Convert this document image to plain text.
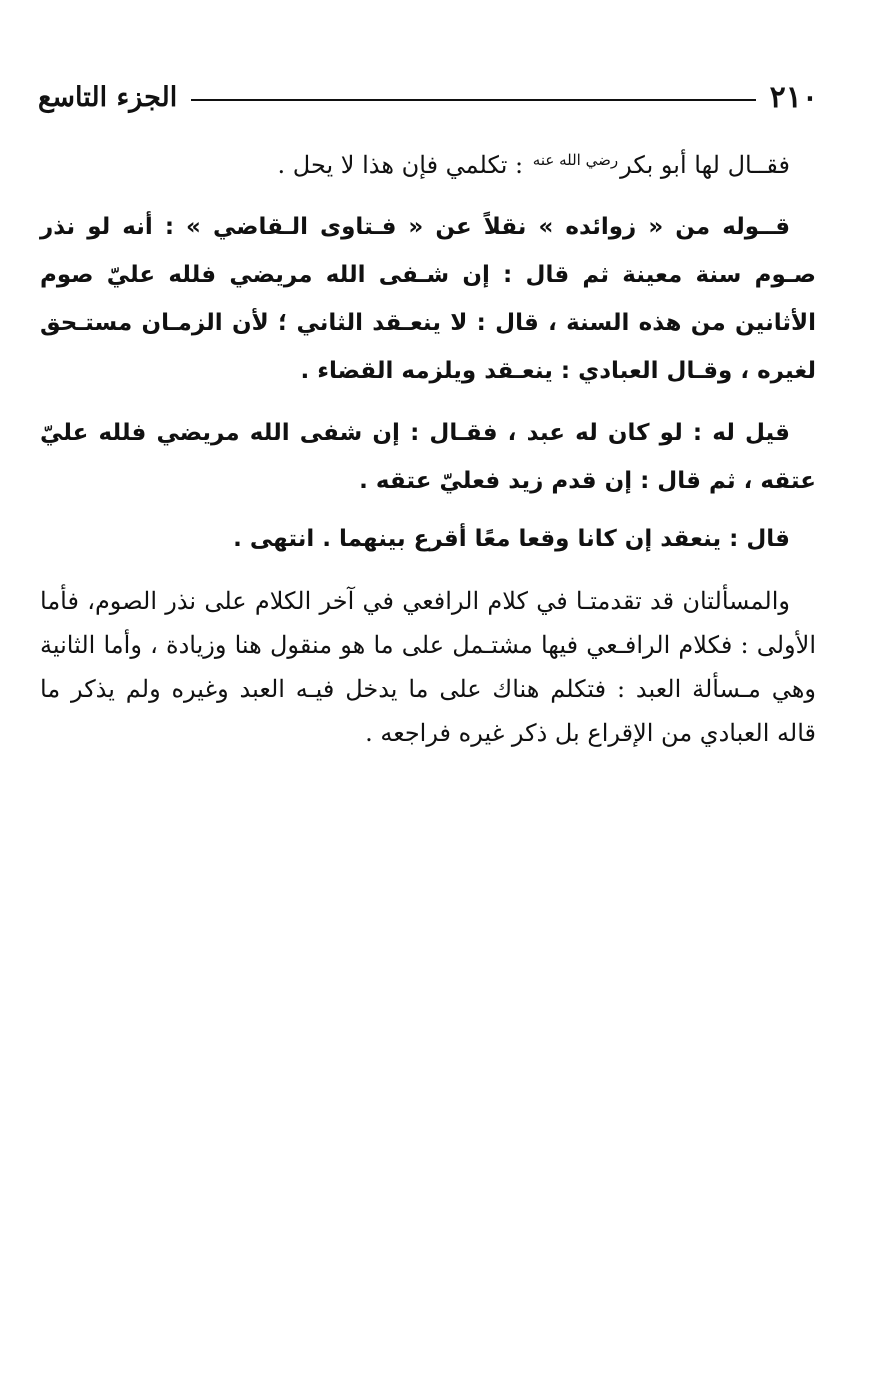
٢١٠
الجزء التاسع

فقــال لها أبو بكر$^{رضي الله عنه}$ : تكلمي فإن هذا لا يحل .

قــوله من « زوائده » نقلاً عن « فـتاوى الـقاضي » : أنه لو نذر صـوم سنة معينة ثم قال : إن شـفى الله مريضي فلله عليّ صوم الأثانين من هذه السنة ، قال : لا ينعـقد الثاني ؛ لأن الزمـان مستـحق لغيره ، وقـال العبادي : ينعـقد ويلزمه القضاء .

قيل له : لو كان له عبد ، فقـال : إن شفى الله مريضي فلله عليّ عتقه ، ثم قال : إن قدم زيد فعليّ عتقه .

قال : ينعقد إن كانا وقعا معًا أقرع بينهما . انتهى .

والمسألتان قد تقدمتـا في كلام الرافعي في آخر الكلام على نذر الصوم، فأما الأولى : فكلام الرافـعي فيها مشتـمل على ما هو منقول هنا وزيادة ، وأما الثانية وهي مـسألة العبد : فتكلم هناك على ما يدخل فيـه العبد وغيره ولم يذكر ما قاله العبادي من الإقراع بل ذكر غيره فراجعه .
